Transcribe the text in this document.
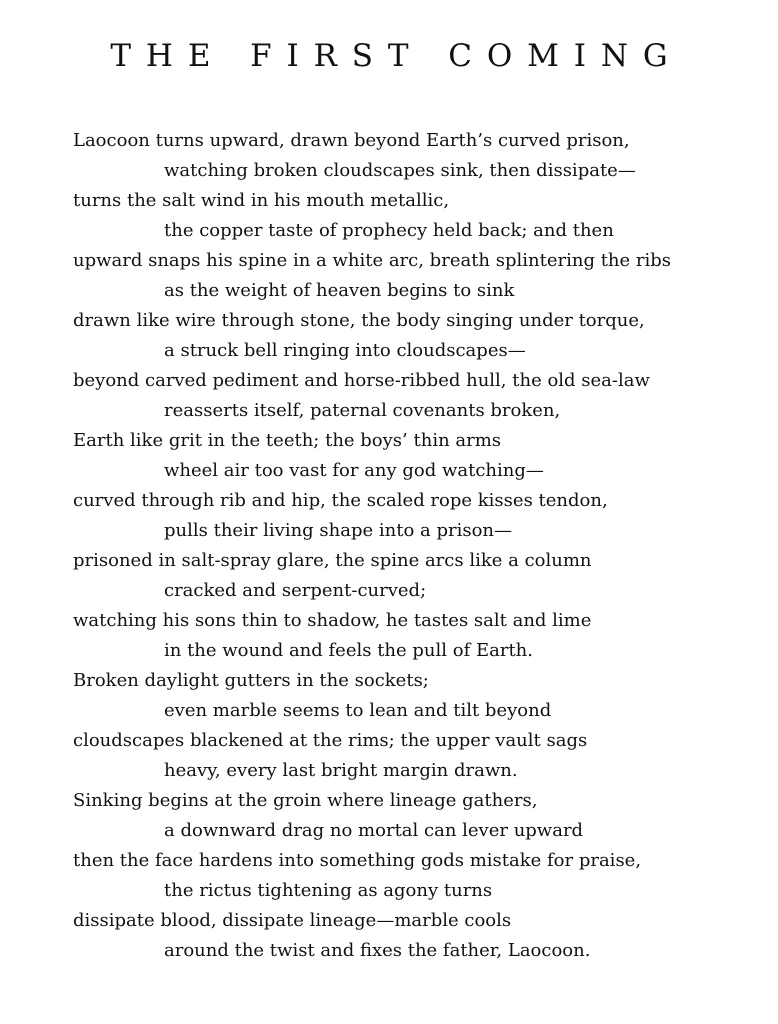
THE FIRST COMING
Laocoon turns upward, drawn beyond Earth’s curved prison,
watching broken cloudscapes sink, then dissipate—
turns the salt wind in his mouth metallic,
the copper taste of prophecy held back; and then
upward snaps his spine in a white arc, breath splintering the ribs
as the weight of heaven begins to sink
drawn like wire through stone, the body singing under torque,
a struck bell ringing into cloudscapes—
beyond carved pediment and horse-ribbed hull, the old sea-law
reasserts itself, paternal covenants broken,
Earth like grit in the teeth; the boys’ thin arms
wheel air too vast for any god watching—
curved through rib and hip, the scaled rope kisses tendon,
pulls their living shape into a prison—
prisoned in salt-spray glare, the spine arcs like a column
cracked and serpent-curved;
watching his sons thin to shadow, he tastes salt and lime
in the wound and feels the pull of Earth.
Broken daylight gutters in the sockets;
even marble seems to lean and tilt beyond
cloudscapes blackened at the rims; the upper vault sags
heavy, every last bright margin drawn.
Sinking begins at the groin where lineage gathers,
a downward drag no mortal can lever upward
then the face hardens into something gods mistake for praise,
the rictus tightening as agony turns
dissipate blood, dissipate lineage—marble cools
around the twist and fixes the father, Laocoon.
